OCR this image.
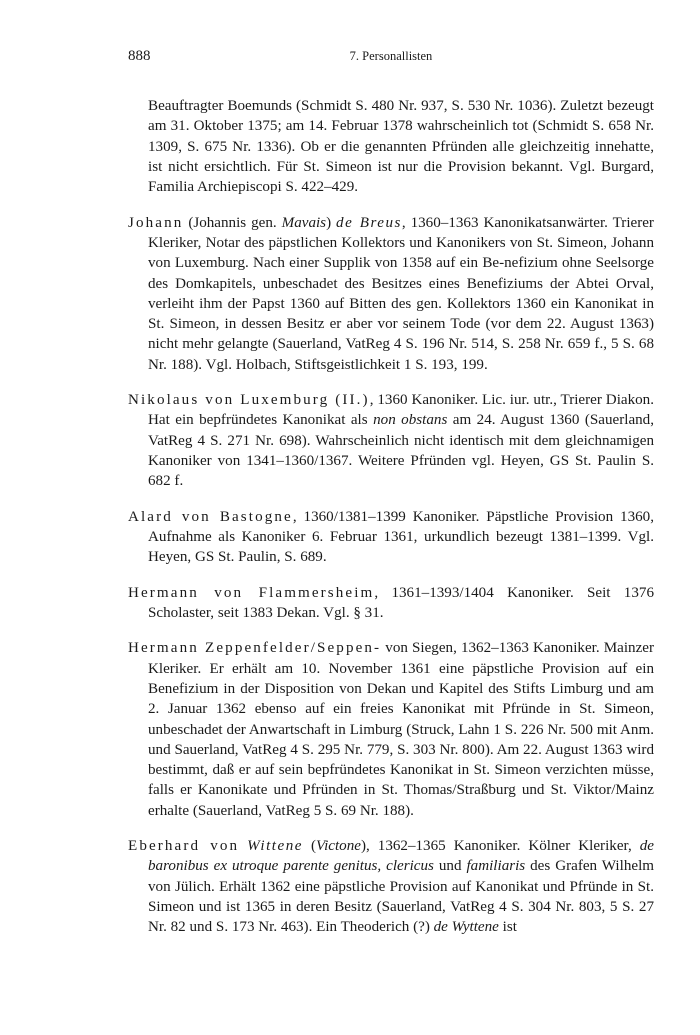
888	7. Personallisten

Beauftragter Boemunds (Schmidt S. 480 Nr. 937, S. 530 Nr. 1036). Zuletzt bezeugt am 31. Oktober 1375; am 14. Februar 1378 wahrscheinlich tot (Schmidt S. 658 Nr. 1309, S. 675 Nr. 1336). Ob er die genannten Pfründen alle gleichzeitig innehatte, ist nicht ersichtlich. Für St. Simeon ist nur die Provision bekannt. Vgl. Burgard, Familia Archiepiscopi S. 422–429.

Johann (Johannis gen. Mavais) de Breus, 1360–1363 Kanonikatsanwärter. Trierer Kleriker, Notar des päpstlichen Kollektors und Kanonikers von St. Simeon, Johann von Luxemburg. Nach einer Supplik von 1358 auf ein Be-nefizium ohne Seelsorge des Domkapitels, unbeschadet des Besitzes eines Benefiziums der Abtei Orval, verleiht ihm der Papst 1360 auf Bitten des gen. Kollektors 1360 ein Kanonikat in St. Simeon, in dessen Besitz er aber vor seinem Tode (vor dem 22. August 1363) nicht mehr gelangte (Sauerland, VatReg 4 S. 196 Nr. 514, S. 258 Nr. 659 f., 5 S. 68 Nr. 188). Vgl. Holbach, Stiftsgeistlichkeit 1 S. 193, 199.

Nikolaus von Luxemburg (II.), 1360 Kanoniker. Lic. iur. utr., Trierer Diakon. Hat ein bepfründetes Kanonikat als non obstans am 24. August 1360 (Sauerland, VatReg 4 S. 271 Nr. 698). Wahrscheinlich nicht identisch mit dem gleichnamigen Kanoniker von 1341–1360/1367. Weitere Pfründen vgl. Heyen, GS St. Paulin S. 682 f.

Alard von Bastogne, 1360/1381–1399 Kanoniker. Päpstliche Provision 1360, Aufnahme als Kanoniker 6. Februar 1361, urkundlich bezeugt 1381–1399. Vgl. Heyen, GS St. Paulin, S. 689.

Hermann von Flammersheim, 1361–1393/1404 Kanoniker. Seit 1376 Scholaster, seit 1383 Dekan. Vgl. § 31.

Hermann Zeppenfelder/Seppen- von Siegen, 1362–1363 Kanoniker. Mainzer Kleriker. Er erhält am 10. November 1361 eine päpstliche Provision auf ein Benefizium in der Disposition von Dekan und Kapitel des Stifts Limburg und am 2. Januar 1362 ebenso auf ein freies Kanonikat mit Pfründe in St. Simeon, unbeschadet der Anwartschaft in Limburg (Struck, Lahn 1 S. 226 Nr. 500 mit Anm. und Sauerland, VatReg 4 S. 295 Nr. 779, S. 303 Nr. 800). Am 22. August 1363 wird bestimmt, daß er auf sein bepfründetes Kanonikat in St. Simeon verzichten müsse, falls er Kanonikate und Pfründen in St. Thomas/Straßburg und St. Viktor/Mainz erhalte (Sauerland, VatReg 5 S. 69 Nr. 188).

Eberhard von Wittene (Victone), 1362–1365 Kanoniker. Kölner Kleriker, de baronibus ex utroque parente genitus, clericus und familiaris des Grafen Wilhelm von Jülich. Erhält 1362 eine päpstliche Provision auf Kanonikat und Pfründe in St. Simeon und ist 1365 in deren Besitz (Sauerland, VatReg 4 S. 304 Nr. 803, 5 S. 27 Nr. 82 und S. 173 Nr. 463). Ein Theoderich (?) de Wyttene ist
